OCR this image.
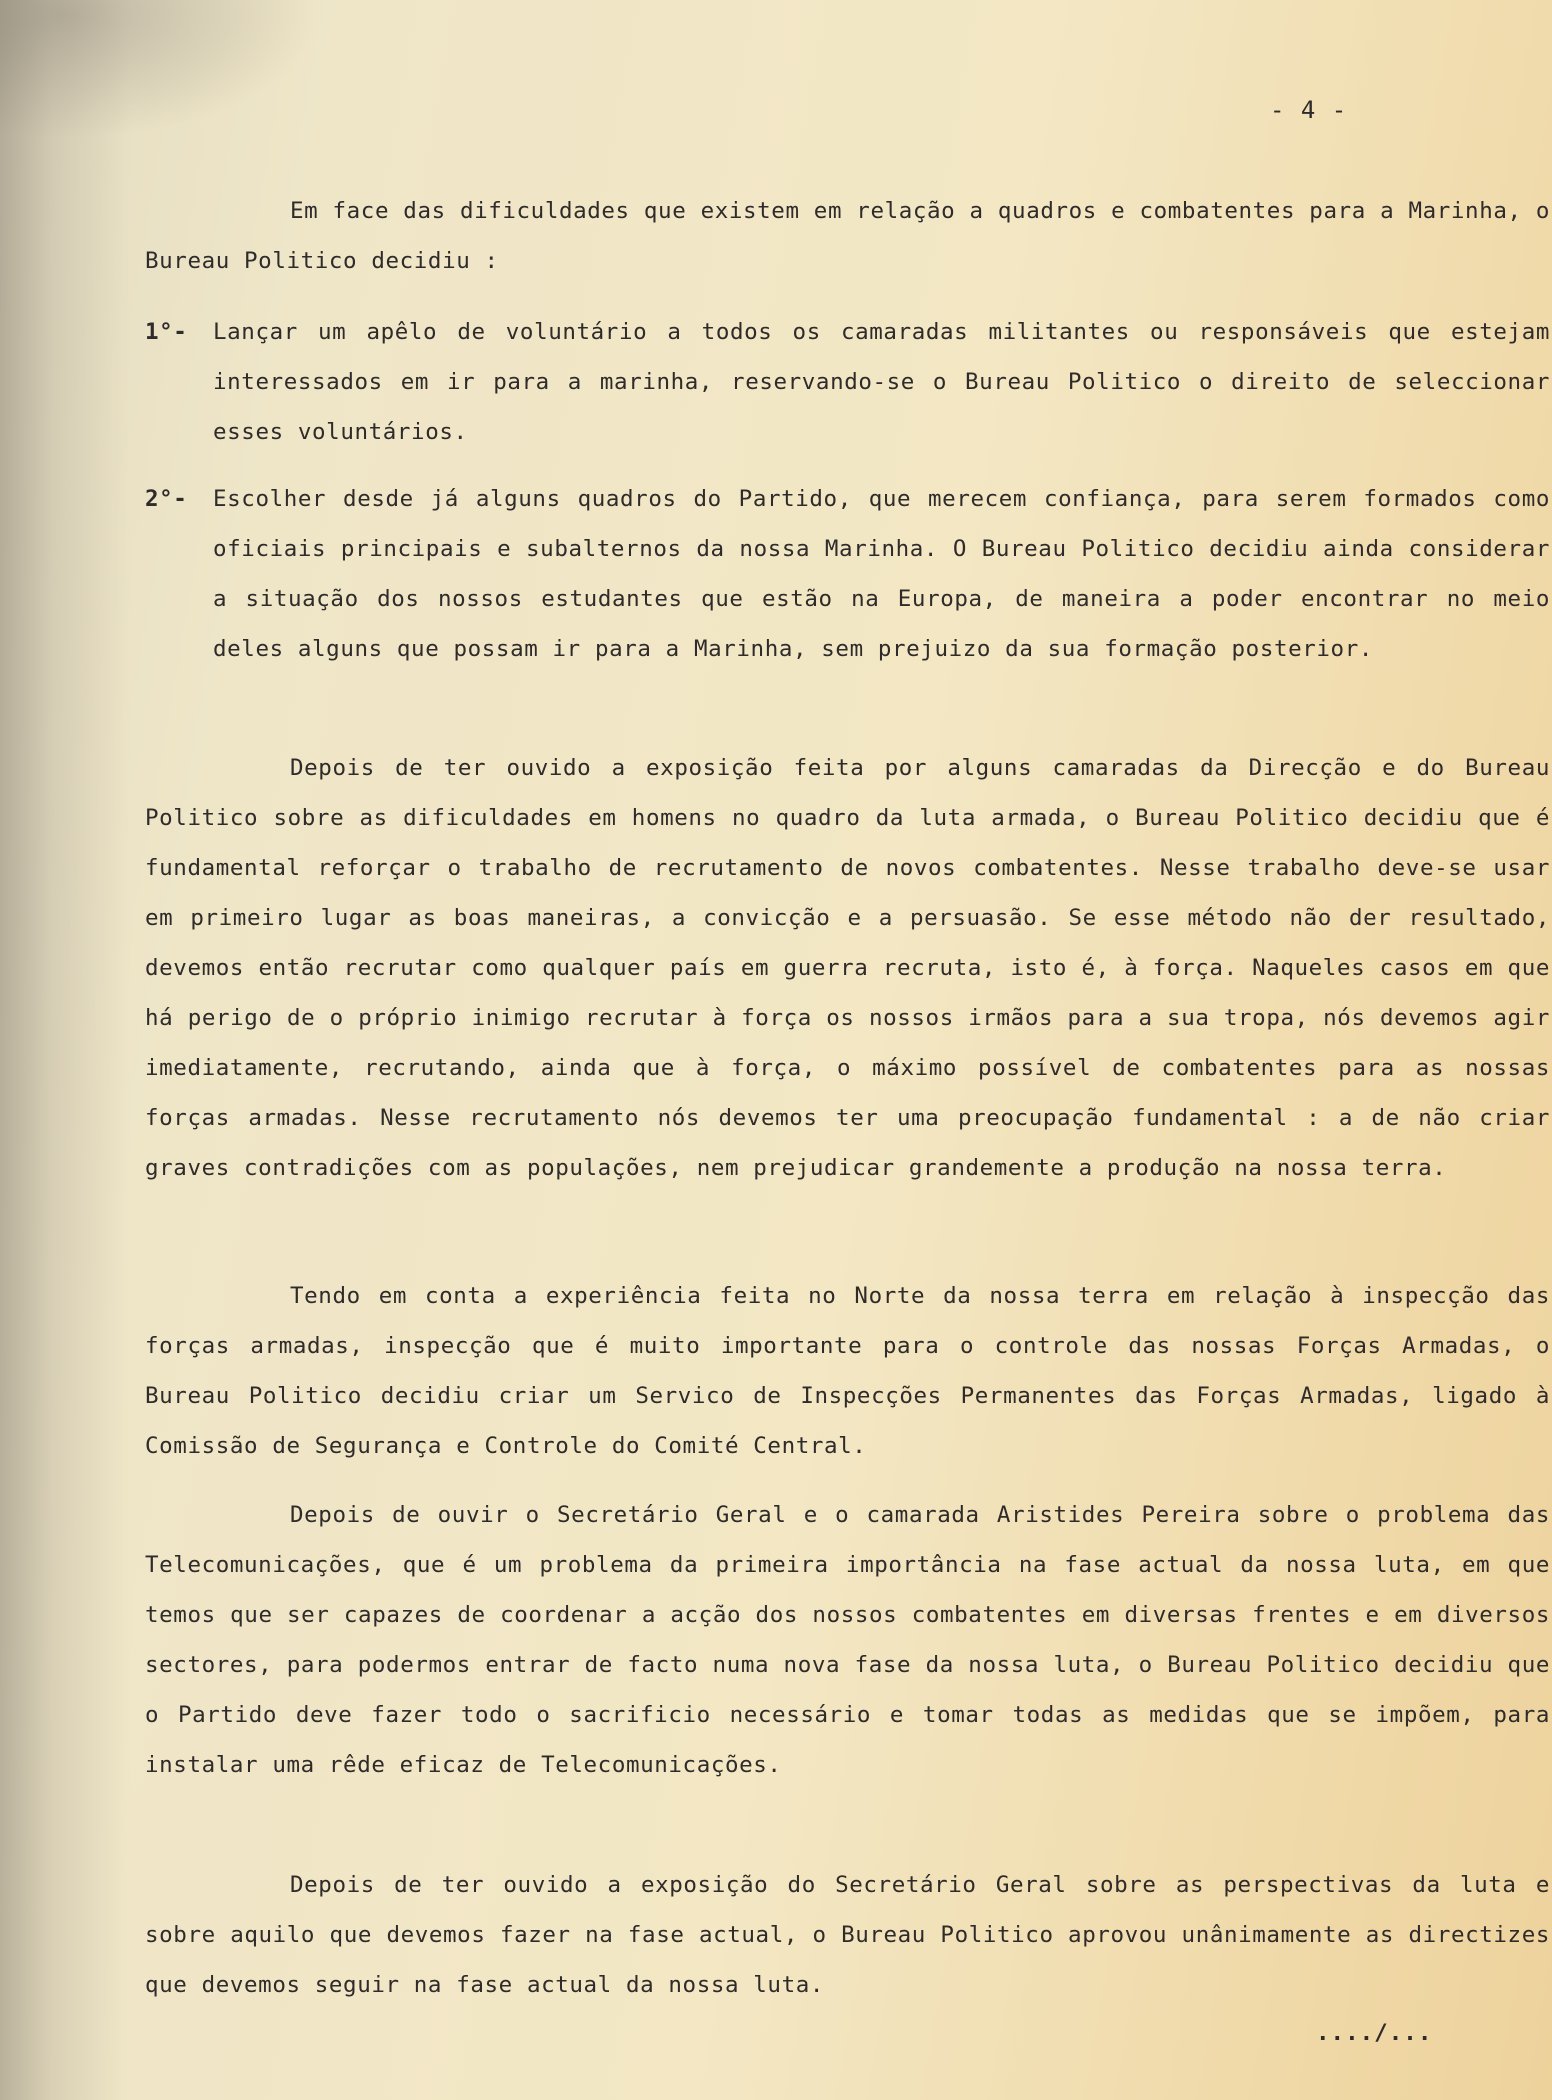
- 4 -

Em face das dificuldades que existem em relação a quadros e combatentes para a Marinha, o Bureau Politico decidiu :

1°- Lançar um apêlo de voluntário a todos os camaradas militantes ou responsáveis que estejam interessados em ir para a marinha, reservando-se o Bureau Politico o direito de seleccionar esses voluntários.

2°- Escolher desde já alguns quadros do Partido, que merecem confiança, para serem formados como oficiais principais e subalternos da nossa Marinha. O Bureau Politico decidiu ainda considerar a situação dos nossos estudantes que estão na Europa, de maneira a poder encontrar no meio deles alguns que possam ir para a Marinha, sem prejuizo da sua formação posterior.

Depois de ter ouvido a exposição feita por alguns camaradas da Direcção e do Bureau Politico sobre as dificuldades em homens no quadro da luta armada, o Bureau Politico decidiu que é fundamental reforçar o trabalho de recrutamento de novos combatentes. Nesse trabalho deve-se usar em primeiro lugar as boas maneiras, a convicção e a persuasão. Se esse método não der resultado, devemos então recrutar como qualquer país em guerra recruta, isto é, à força. Naqueles casos em que há perigo de o próprio inimigo recrutar à força os nossos irmãos para a sua tropa, nós devemos agir imediatamente, recrutando, ainda que à força, o máximo possível de combatentes para as nossas forças armadas. Nesse recrutamento nós devemos ter uma preocupação fundamental : a de não criar graves contradições com as populações, nem prejudicar grandemente a produção na nossa terra.

Tendo em conta a experiência feita no Norte da nossa terra em relação à inspecção das forças armadas, inspecção que é muito importante para o controle das nossas Forças Armadas, o Bureau Politico decidiu criar um Servico de Inspecções Permanentes das Forças Armadas, ligado à Comissão de Segurança e Controle do Comité Central.

Depois de ouvir o Secretário Geral e o camarada Aristides Pereira sobre o problema das Telecomunicações, que é um problema da primeira importância na fase actual da nossa luta, em que temos que ser capazes de coordenar a acção dos nossos combatentes em diversas frentes e em diversos sectores, para podermos entrar de facto numa nova fase da nossa luta, o Bureau Politico decidiu que o Partido deve fazer todo o sacrificio necessário e tomar todas as medidas que se impõem, para instalar uma rêde eficaz de Telecomunicações.

Depois de ter ouvido a exposição do Secretário Geral sobre as perspectivas da luta e sobre aquilo que devemos fazer na fase actual, o Bureau Politico aprovou unânimamente as directizes que devemos seguir na fase actual da nossa luta.

..../...
